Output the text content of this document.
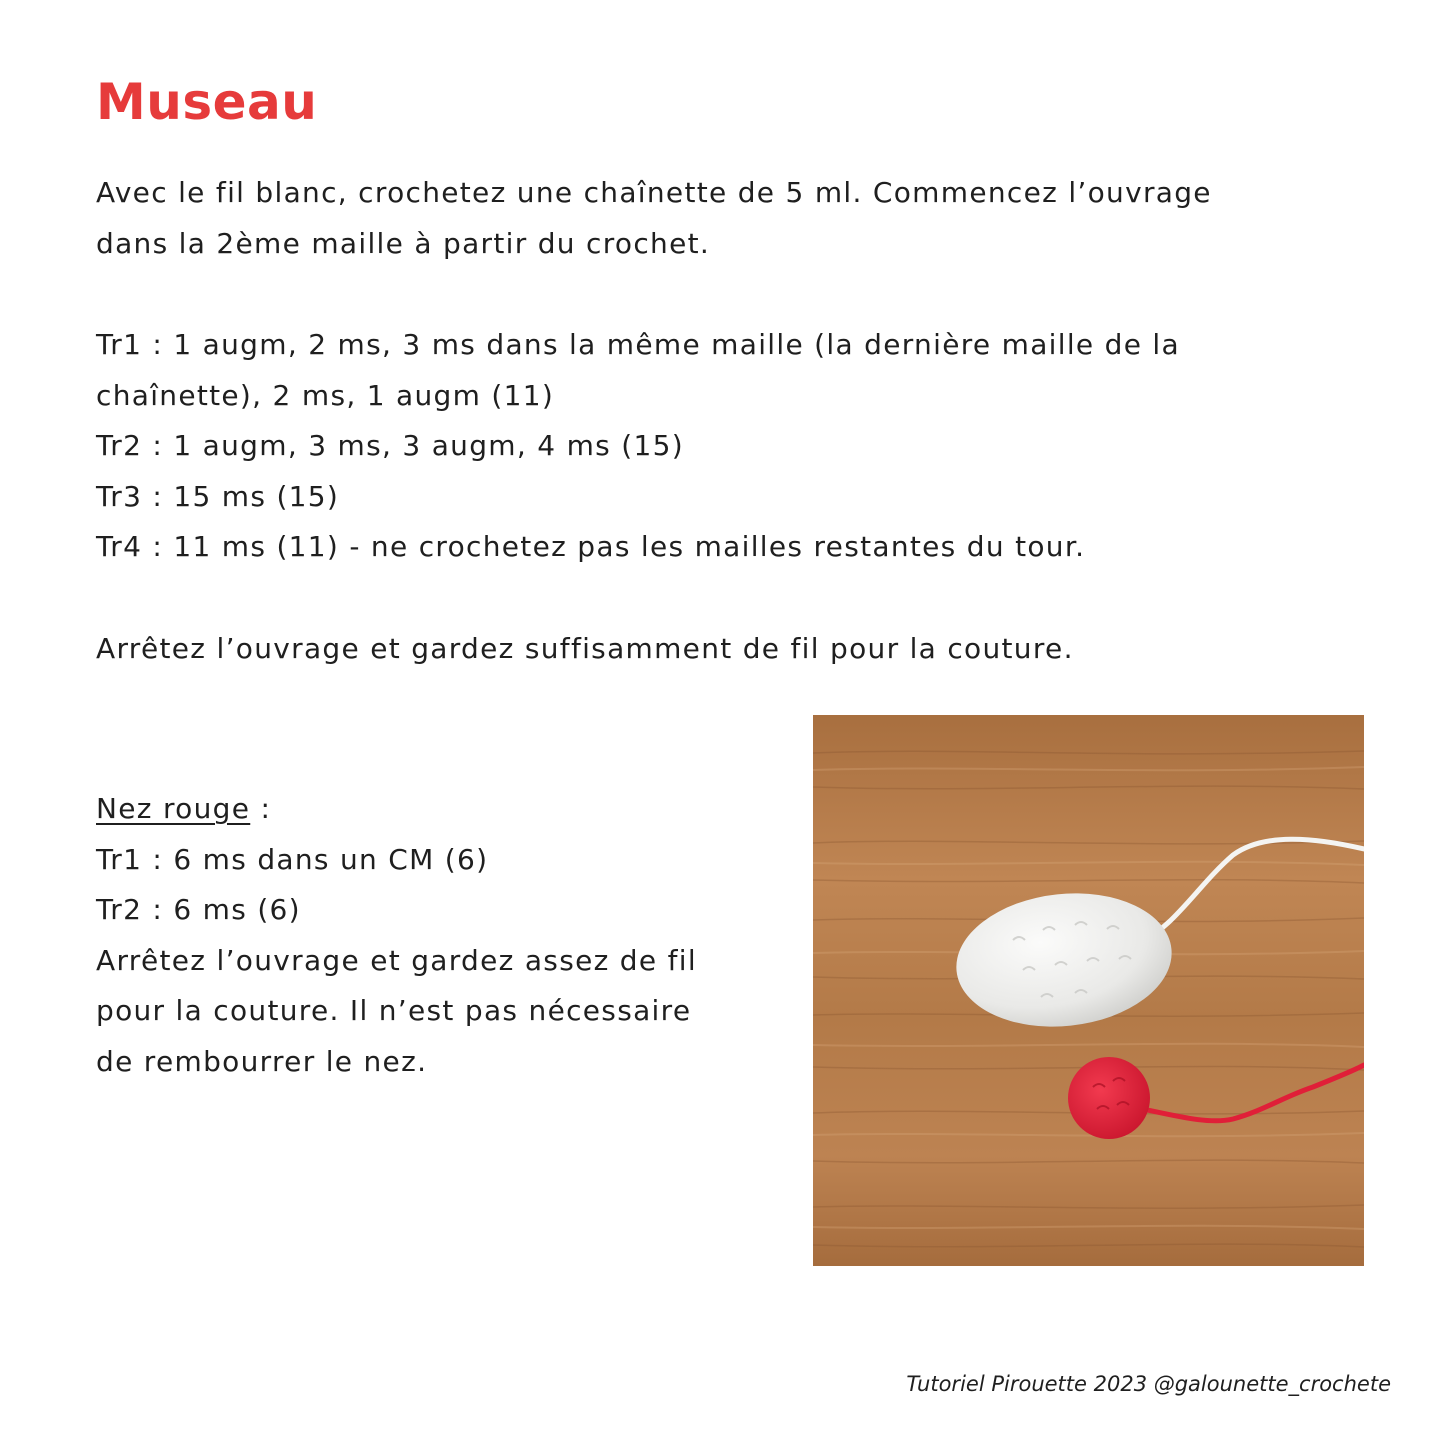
Museau

Avec le fil blanc, crochetez une chaînette de 5 ml. Commencez l’ouvrage
dans la 2ème maille à partir du crochet.

Tr1 : 1 augm, 2 ms, 3 ms dans la même maille (la dernière maille de la
chaînette), 2 ms, 1 augm (11)
Tr2 : 1 augm, 3 ms, 3 augm, 4 ms (15)
Tr3 : 15 ms (15)
Tr4 : 11 ms (11) - ne crochetez pas les mailles restantes du tour.

Arrêtez l’ouvrage et gardez suffisamment de fil pour la couture.

Nez rouge :
Tr1 : 6 ms dans un CM (6)
Tr2 : 6 ms (6)
Arrêtez l’ouvrage et gardez assez de fil
pour la couture. Il n’est pas nécessaire
de rembourrer le nez.

Tutoriel Pirouette 2023 @galounette_crochete
